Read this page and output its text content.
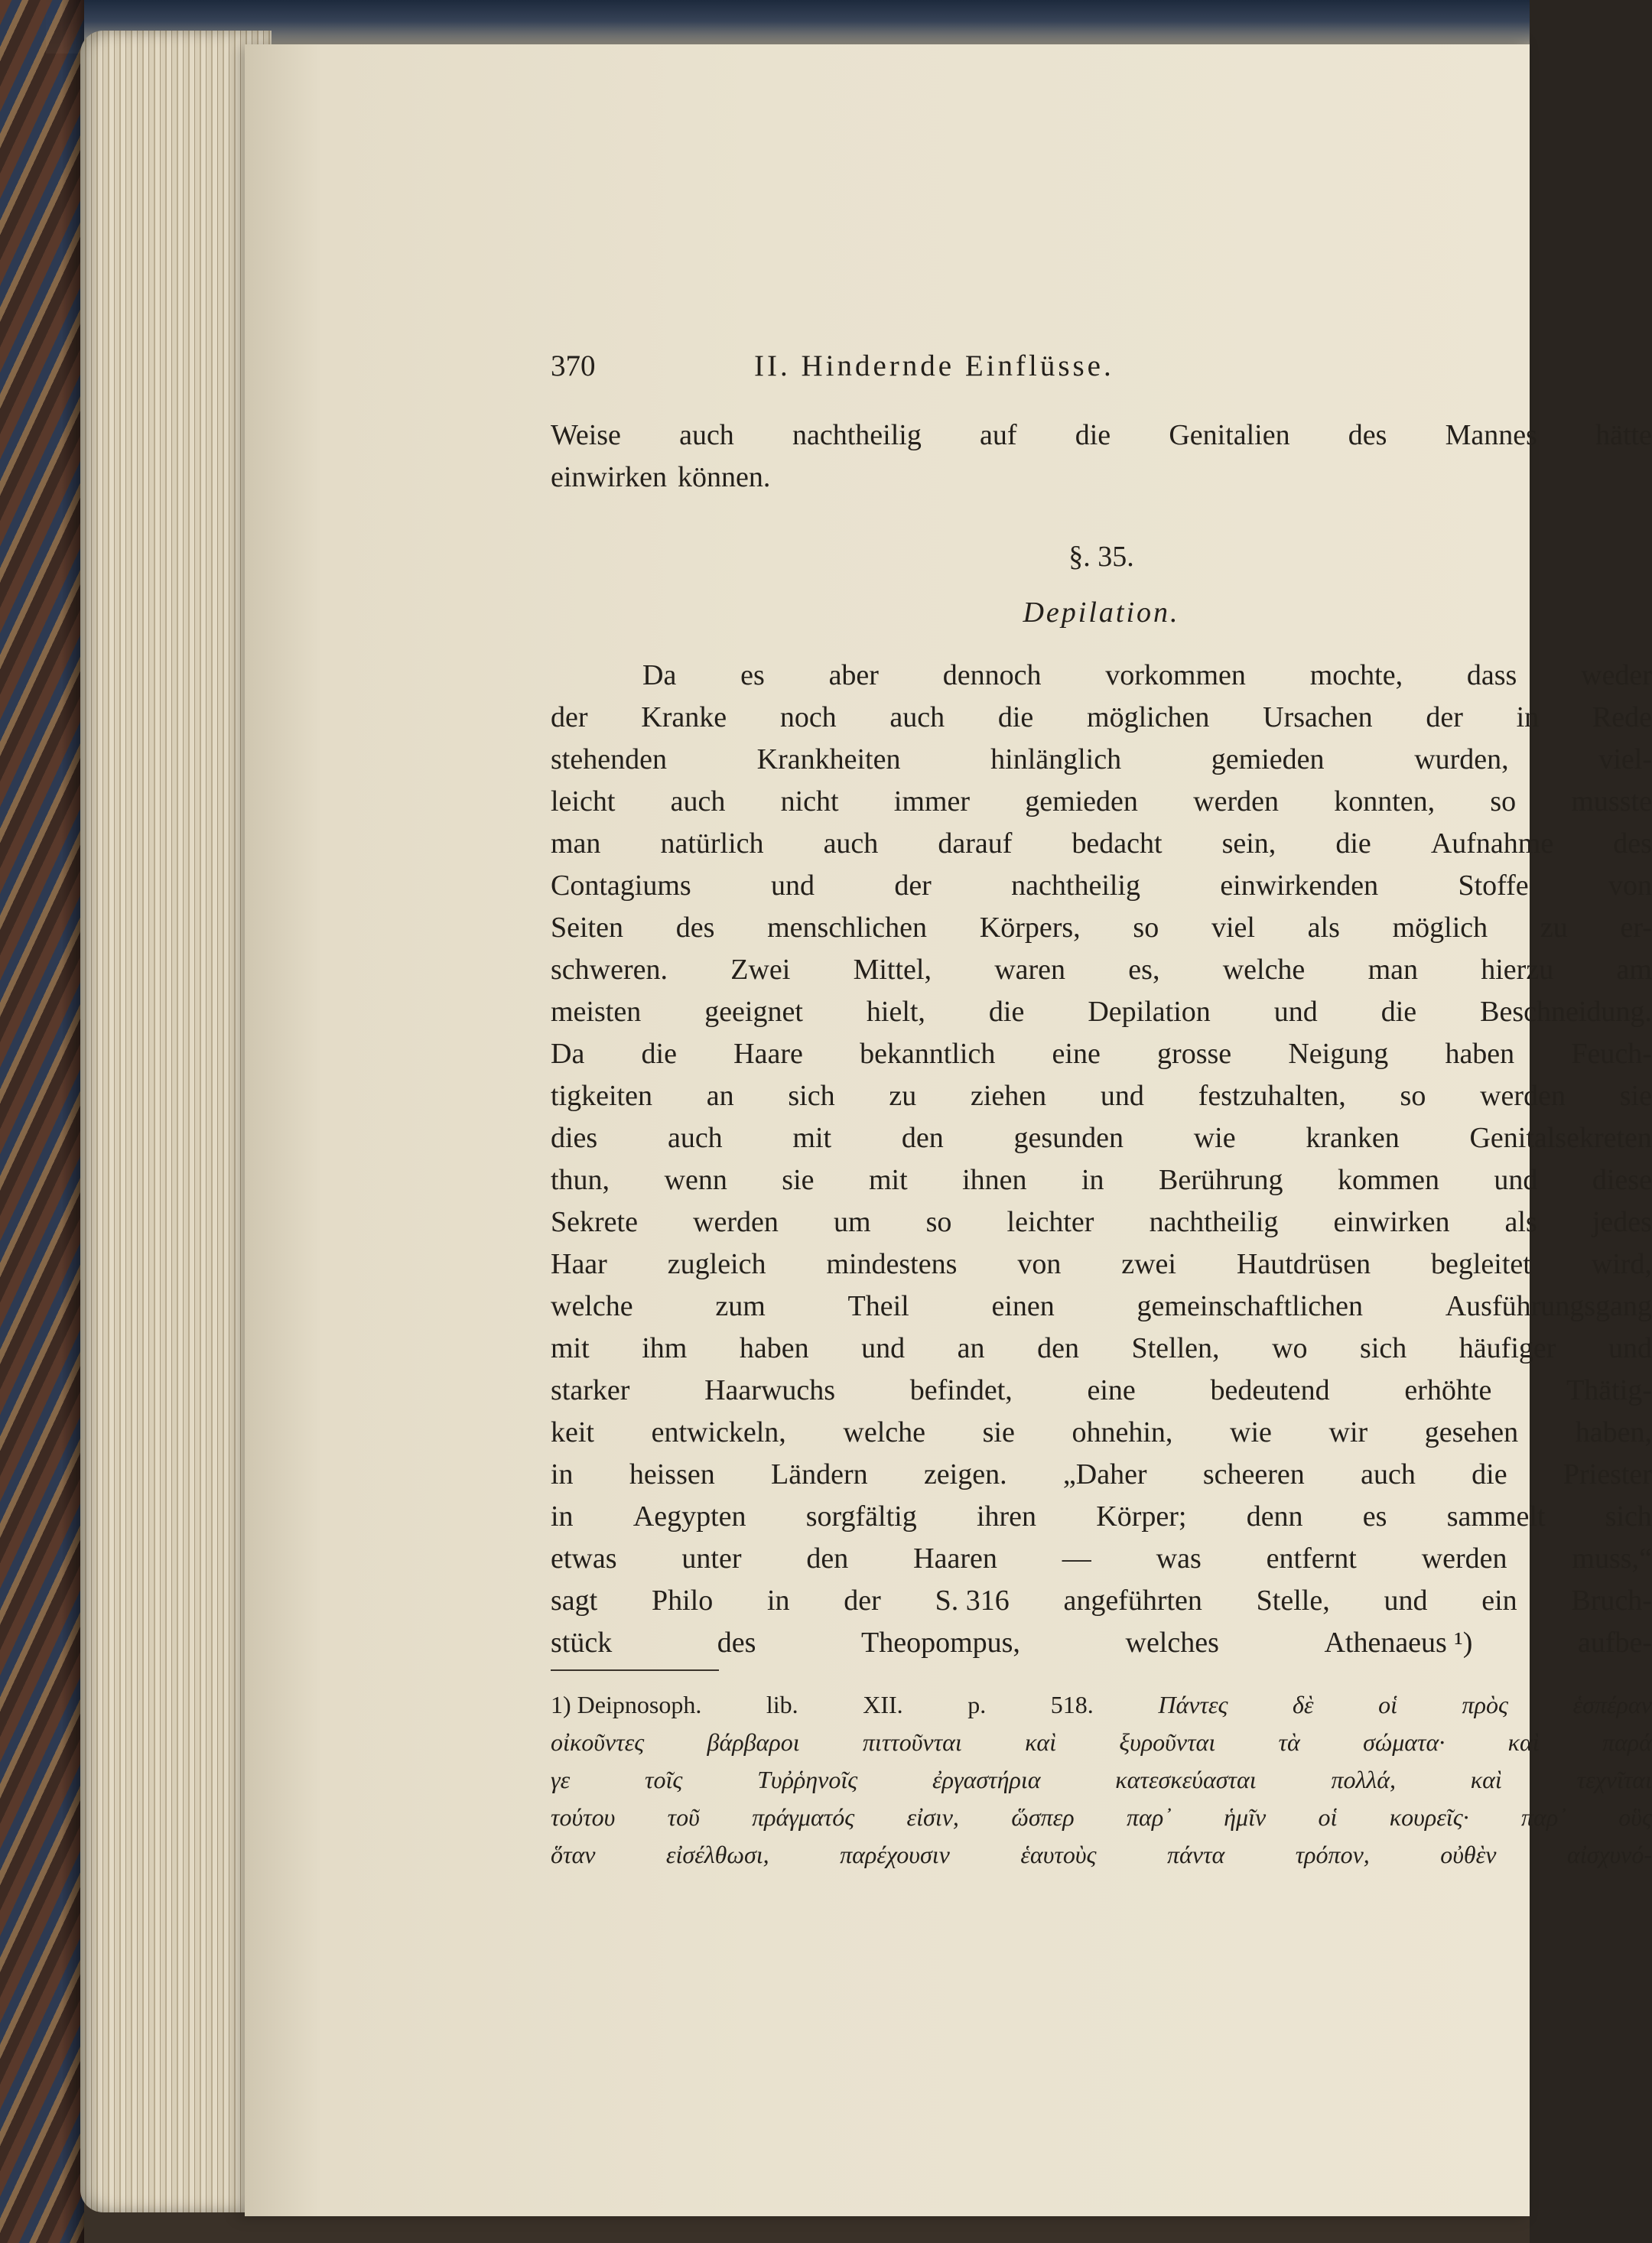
370	II. Hindernde Einflüsse.
Weise auch nachtheilig auf die Genitalien des Mannes hätte
einwirken können.
§. 35.
Depilation.
Da es aber dennoch vorkommen mochte, dass weder
der Kranke noch auch die möglichen Ursachen der in Rede
stehenden	Krankheiten	hinlänglich	gemieden	wurden,	viel-
leicht auch nicht immer gemieden werden konnten, so musste
man natürlich auch darauf bedacht sein, die Aufnahme des
Contagiums	und	der	nachtheilig	einwirkenden	Stoffe	von
Seiten des menschlichen Körpers, so viel als möglich zu er-
schweren. Zwei Mittel, waren es, welche man hierzu am
meisten geeignet hielt, die Depilation und die Beschneidung.
Da die Haare bekanntlich eine grosse Neigung haben Feuch-
tigkeiten an sich zu ziehen und festzuhalten, so werden sie
dies auch mit den gesunden wie kranken Genitalsekreten
thun, wenn sie mit ihnen in Berührung kommen und diese
Sekrete werden um so leichter nachtheilig einwirken als jedes
Haar zugleich mindestens von zwei Hautdrüsen begleitet wird,
welche	zum	Theil	einen	gemeinschaftlichen	Ausführungsgang
mit ihm haben und an den Stellen, wo sich häufiger und
starker	Haarwuchs	befindet,	eine	bedeutend	erhöhte	Thätig-
keit entwickeln, welche sie ohnehin, wie wir gesehen haben,
in heissen Ländern zeigen. „Daher scheeren auch die Priester
in Aegypten sorgfältig ihren Körper; denn es sammelt sich
etwas unter den Haaren — was entfernt werden muss,“
sagt Philo in der S. 316 angeführten Stelle, und ein Bruch-
stück	des	Theopompus,	welches	Athenaeus ¹)	aufbe-
1) Deipnosoph.	lib.	XII.	p.	518.	Πάντες	δὲ	οἱ	πρὸς	ἑσπέραν
οἰκοῦντες	βάρβαροι	πιττοῦνται	καὶ	ξυροῦνται	τὰ	σώματα·	καὶ	παρά
γε	τοῖς	Τυῤῥηνοῖς	ἐργαστήρια	κατεσκεύασται	πολλά,	καὶ	τεχνῖται
τούτου τοῦ πράγματός εἰσιν, ὥσπερ παρ᾽ ἡμῖν οἱ κουρεῖς· παρ᾽ οὓς
ὅταν	εἰσέλθωσι,	παρέχουσιν	ἑαυτοὺς	πάντα	τρόπον,	οὐθὲν	αἰσχυνό-
